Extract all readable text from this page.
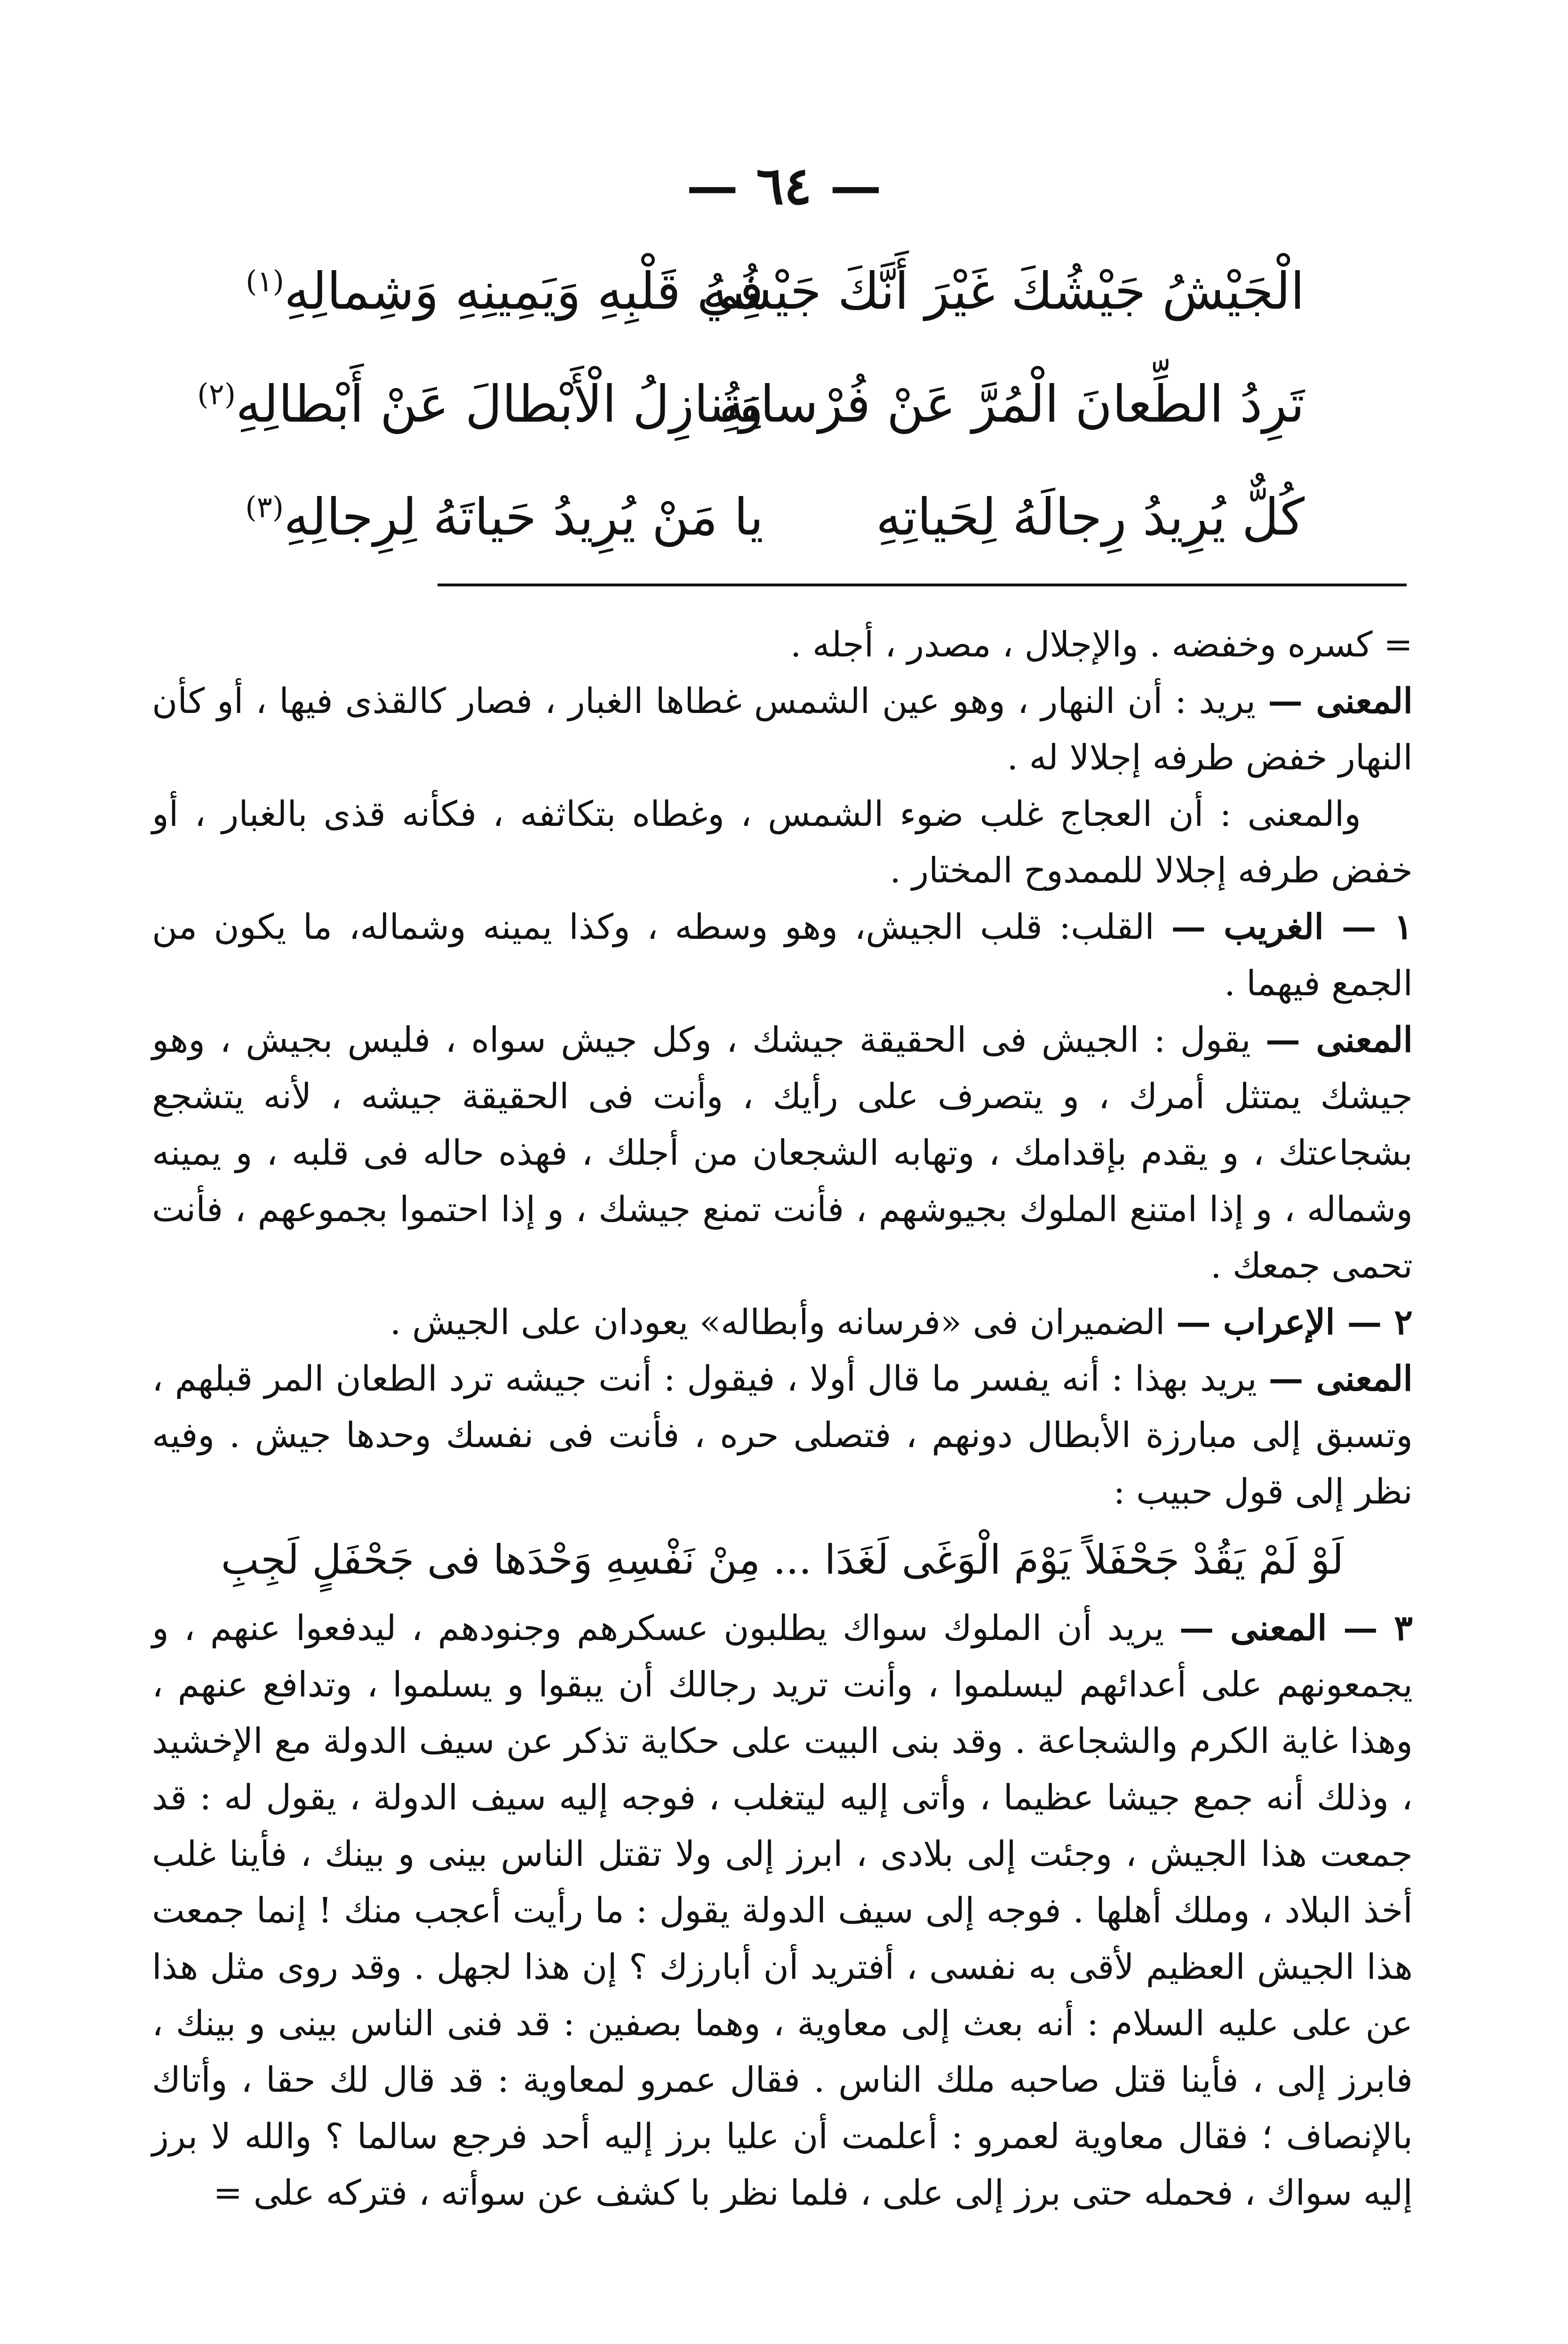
— ٦٤ —
الْجَيْشُ جَيْشُكَ غَيْرَ أَنَّكَ جَيْشُهُ
فِي قَلْبِهِ وَيَمِينِهِ وَشِمالِهِ$^{(١)}$
تَرِدُ الطِّعانَ الْمُرَّ عَنْ فُرْسانِهِ
وَتُنازِلُ الْأَبْطالَ عَنْ أَبْطالِهِ$^{(٢)}$
كُلٌّ يُرِيدُ رِجالَهُ لِحَياتِهِ
يا مَنْ يُرِيدُ حَياتَهُ لِرِجالِهِ$^{(٣)}$

= كسره وخفضه . والإجلال ، مصدر ، أجله .

المعنى — يريد : أن النهار ، وهو عين الشمس غطاها الغبار ، فصار كالقذى فيها ، أو كأن النهار خفض طرفه إجلالا له .

والمعنى : أن العجاج غلب ضوء الشمس ، وغطاه بتكاثفه ، فكأنه قذى بالغبار ، أو خفض طرفه إجلالا للممدوح المختار .

١ — الغريب — القلب: قلب الجيش، وهو وسطه ، وكذا يمينه وشماله، ما يكون من الجمع فيهما .

المعنى — يقول : الجيش فى الحقيقة جيشك ، وكل جيش سواه ، فليس بجيش ، وهو جيشك يمتثل أمرك ، و يتصرف على رأيك ، وأنت فى الحقيقة جيشه ، لأنه يتشجع بشجاعتك ، و يقدم بإقدامك ، وتهابه الشجعان من أجلك ، فهذه حاله فى قلبه ، و يمينه وشماله ، و إذا امتنع الملوك بجيوشهم ، فأنت تمنع جيشك ، و إذا احتموا بجموعهم ، فأنت تحمى جمعك .

٢ — الإعراب — الضميران فى «فرسانه وأبطاله» يعودان على الجيش .

المعنى — يريد بهذا : أنه يفسر ما قال أولا ، فيقول : أنت جيشه ترد الطعان المر قبلهم ، وتسبق إلى مبارزة الأبطال دونهم ، فتصلى حره ، فأنت فى نفسك وحدها جيش . وفيه نظر إلى قول حبيب :

لَوْ لَمْ يَقُدْ جَحْفَلاً يَوْمَ الْوَغَى لَغَدَا ... مِنْ نَفْسِهِ وَحْدَها فى جَحْفَلٍ لَجِبِ

٣ — المعنى — يريد أن الملوك سواك يطلبون عسكرهم وجنودهم ، ليدفعوا عنهم ، و يجمعونهم على أعدائهم ليسلموا ، وأنت تريد رجالك أن يبقوا و يسلموا ، وتدافع عنهم ، وهذا غاية الكرم والشجاعة . وقد بنى البيت على حكاية تذكر عن سيف الدولة مع الإخشيد ، وذلك أنه جمع جيشا عظيما ، وأتى إليه ليتغلب ، فوجه إليه سيف الدولة ، يقول له : قد جمعت هذا الجيش ، وجئت إلى بلادى ، ابرز إلى ولا تقتل الناس بينى و بينك ، فأينا غلب أخذ البلاد ، وملك أهلها . فوجه إلى سيف الدولة يقول : ما رأيت أعجب منك ! إنما جمعت هذا الجيش العظيم لأقى به نفسى ، أفتريد أن أبارزك ؟ إن هذا لجهل . وقد روى مثل هذا عن على عليه السلام : أنه بعث إلى معاوية ، وهما بصفين : قد فنى الناس بينى و بينك ، فابرز إلى ، فأينا قتل صاحبه ملك الناس . فقال عمرو لمعاوية : قد قال لك حقا ، وأتاك بالإنصاف ؛ فقال معاوية لعمرو : أعلمت أن عليا برز إليه أحد فرجع سالما ؟ والله لا برز إليه سواك ، فحمله حتى برز إلى على ، فلما نظر با كشف عن سوأته ، فتركه على =
